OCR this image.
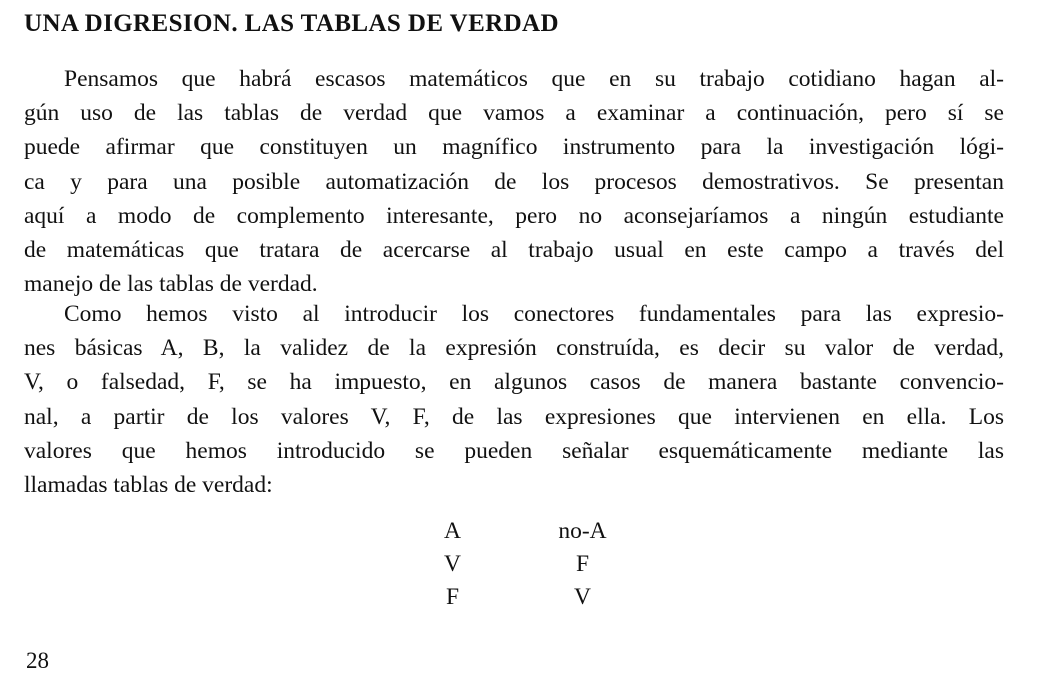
UNA DIGRESION. LAS TABLAS DE VERDAD
Pensamos que habrá escasos matemáticos que en su trabajo cotidiano hagan al-
gún uso de las tablas de verdad que vamos a examinar a continuación, pero sí se
puede afirmar que constituyen un magnífico instrumento para la investigación lógi-
ca y para una posible automatización de los procesos demostrativos. Se presentan
aquí a modo de complemento interesante, pero no aconsejaríamos a ningún estudiante
de matemáticas que tratara de acercarse al trabajo usual en este campo a través del
manejo de las tablas de verdad.
Como hemos visto al introducir los conectores fundamentales para las expresio-
nes básicas A, B, la validez de la expresión construída, es decir su valor de verdad,
V, o falsedad, F, se ha impuesto, en algunos casos de manera bastante convencio-
nal, a partir de los valores V, F, de las expresiones que intervienen en ella. Los
valores que hemos introducido se pueden señalar esquemáticamente mediante las
llamadas tablas de verdad:
A	no-A
V	F
F	V
28
